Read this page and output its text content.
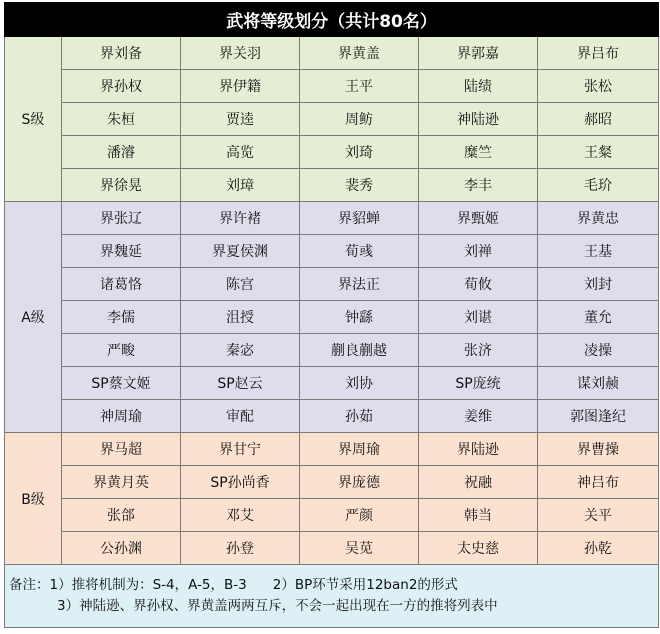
武将等级划分（共计80名）					
S级	界刘备	界关羽	界黄盖	界郭嘉	界吕布
	界孙权	界伊籍	王平	陆绩	张松
	朱桓	贾逵	周鲂	神陆逊	郝昭
	潘濬	高览	刘琦	糜竺	王粲
	界徐晃	刘璋	裴秀	李丰	毛玠
A级	界张辽	界许褚	界貂蝉	界甄姬	界黄忠
	界魏延	界夏侯渊	荀彧	刘禅	王基
	诸葛恪	陈宫	界法正	荀攸	刘封
	李儒	沮授	钟繇	刘谌	董允
	严畯	秦宓	蒯良蒯越	张济	凌操
	SP蔡文姬	SP赵云	刘协	SP庞统	谋刘赪
	神周瑜	审配	孙茹	姜维	郭图逢纪
B级	界马超	界甘宁	界周瑜	界陆逊	界曹操
	界黄月英	SP孙尚香	界庞德	祝融	神吕布
	张郃	邓艾	严颜	韩当	关平
	公孙渊	孙登	吴苋	太史慈	孙乾
备注：1）推将机制为：S-4，A-5，B-3 2）BP环节采用12ban2的形式
3）神陆逊、界孙权、界黄盖两两互斥，不会一起出现在一方的推将列表中					
